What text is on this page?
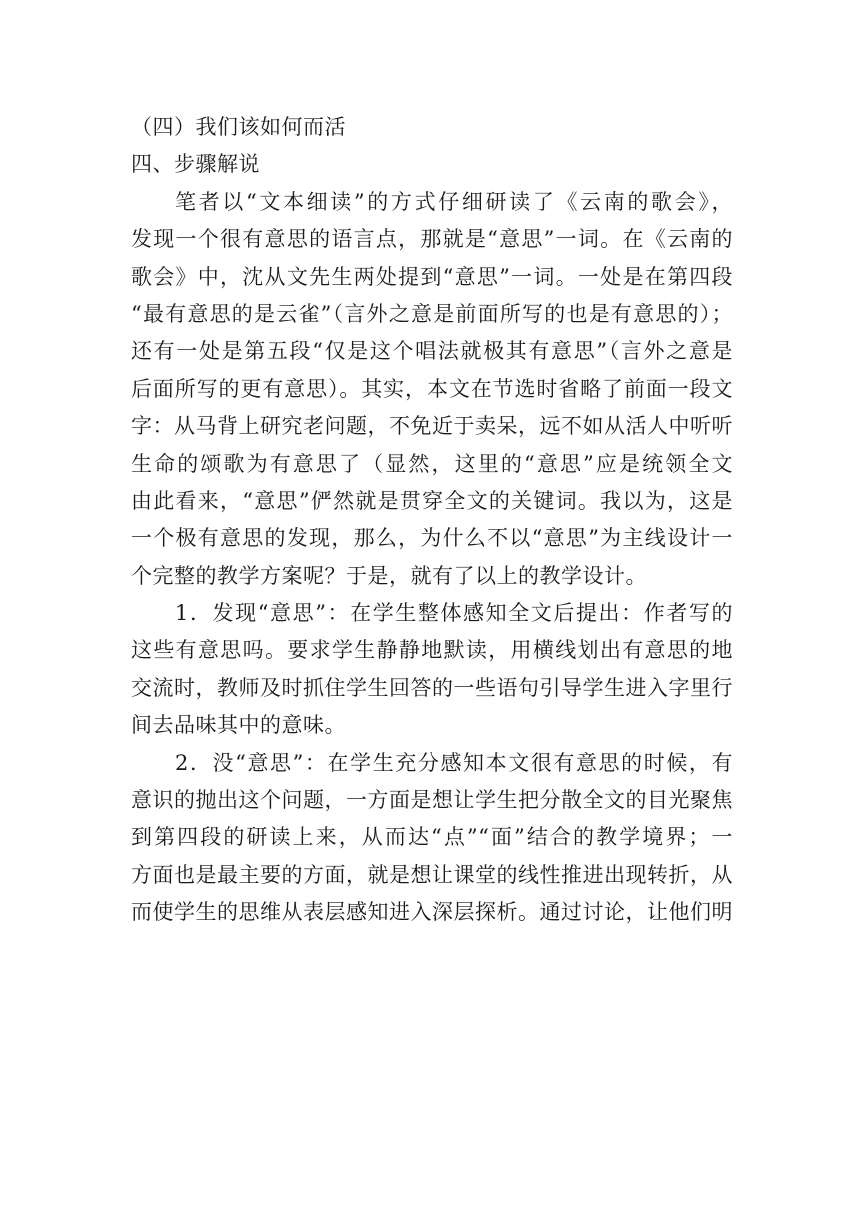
（四）我们该如何而活
四、步骤解说
笔者以“文本细读”的方式仔细研读了《云南的歌会》，
发现一个很有意思的语言点，那就是“意思”一词。在《云南的
歌会》中，沈从文先生两处提到“意思”一词。一处是在第四段
“最有意思的是云雀”（言外之意是前面所写的也是有意思的）；
还有一处是第五段“仅是这个唱法就极其有意思”（言外之意是
后面所写的更有意思）。其实，本文在节选时省略了前面一段文
字：从马背上研究老问题，不免近于卖呆，远不如从活人中听听
生命的颂歌为有意思了（显然，这里的“意思”应是统领全文
由此看来，“意思”俨然就是贯穿全文的关键词。我以为，这是
一个极有意思的发现，那么，为什么不以“意思”为主线设计一
个完整的教学方案呢？于是，就有了以上的教学设计。
1．发现“意思”：在学生整体感知全文后提出：作者写的
这些有意思吗。要求学生静静地默读，用横线划出有意思的地
交流时，教师及时抓住学生回答的一些语句引导学生进入字里行
间去品味其中的意味。
2．没“意思”：在学生充分感知本文很有意思的时候，有
意识的抛出这个问题，一方面是想让学生把分散全文的目光聚焦
到第四段的研读上来，从而达“点”“面”结合的教学境界；一
方面也是最主要的方面，就是想让课堂的线性推进出现转折，从
而使学生的思维从表层感知进入深层探析。通过讨论，让他们明
